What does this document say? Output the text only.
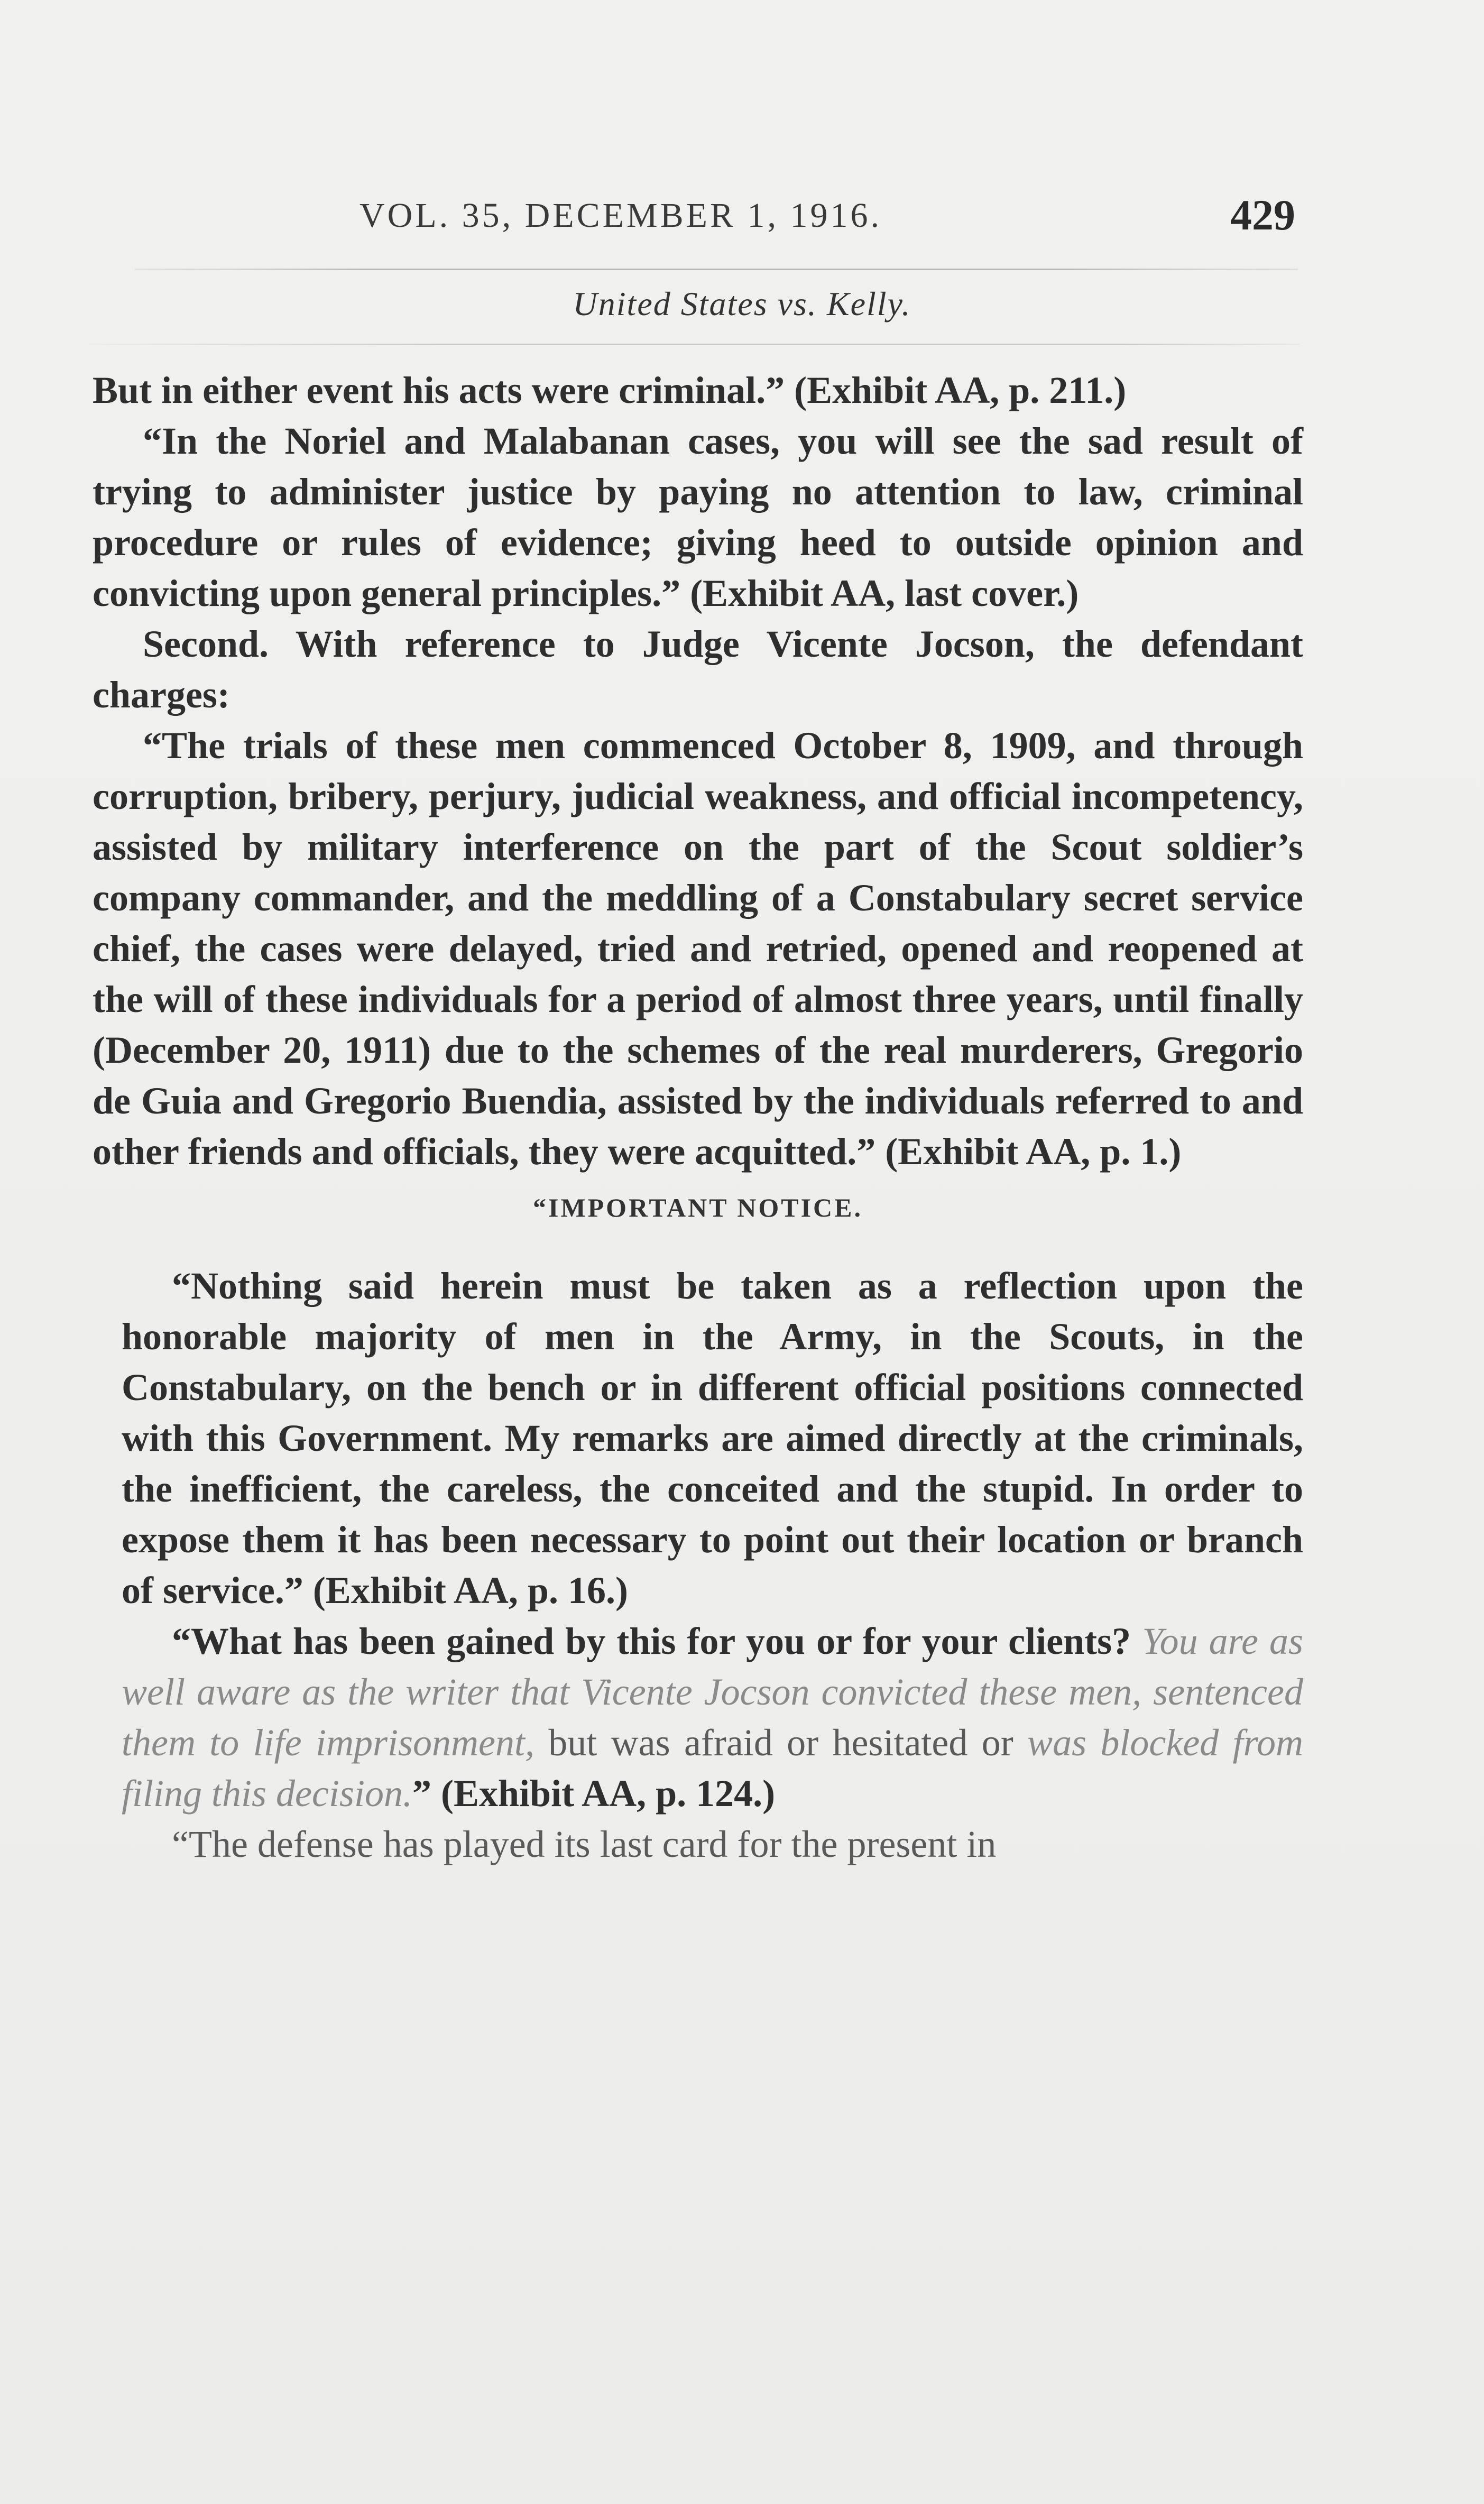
VOL. 35, DECEMBER 1, 1916.	429
United States vs. Kelly.

But in either event his acts were criminal.” (Exhibit AA, p. 211.)

“In the Noriel and Malabanan cases, you will see the sad result of trying to administer justice by paying no attention to law, criminal procedure or rules of evidence; giving heed to outside opinion and convicting upon general principles.” (Exhibit AA, last cover.)

Second. With reference to Judge Vicente Jocson, the defendant charges:

“The trials of these men commenced October 8, 1909, and through corruption, bribery, perjury, judicial weakness, and official incompetency, assisted by military interference on the part of the Scout soldier’s company commander, and the meddling of a Constabulary secret service chief, the cases were delayed, tried and retried, opened and reopened at the will of these individuals for a period of almost three years, until finally (December 20, 1911) due to the schemes of the real murderers, Gregorio de Guia and Gregorio Buendia, assisted by the individuals referred to and other friends and officials, they were acquitted.” (Exhibit AA, p. 1.)

“IMPORTANT NOTICE.

“Nothing said herein must be taken as a reflection upon the honorable majority of men in the Army, in the Scouts, in the Constabulary, on the bench or in different official positions connected with this Government. My remarks are aimed directly at the criminals, the inefficient, the careless, the conceited and the stupid. In order to expose them it has been necessary to point out their location or branch of service.” (Exhibit AA, p. 16.)

“What has been gained by this for you or for your clients? You are as well aware as the writer that Vicente Jocson convicted these men, sentenced them to life imprisonment, but was afraid or hesitated or was blocked from filing this decision.” (Exhibit AA, p. 124.)

“The defense has played its last card for the present in
